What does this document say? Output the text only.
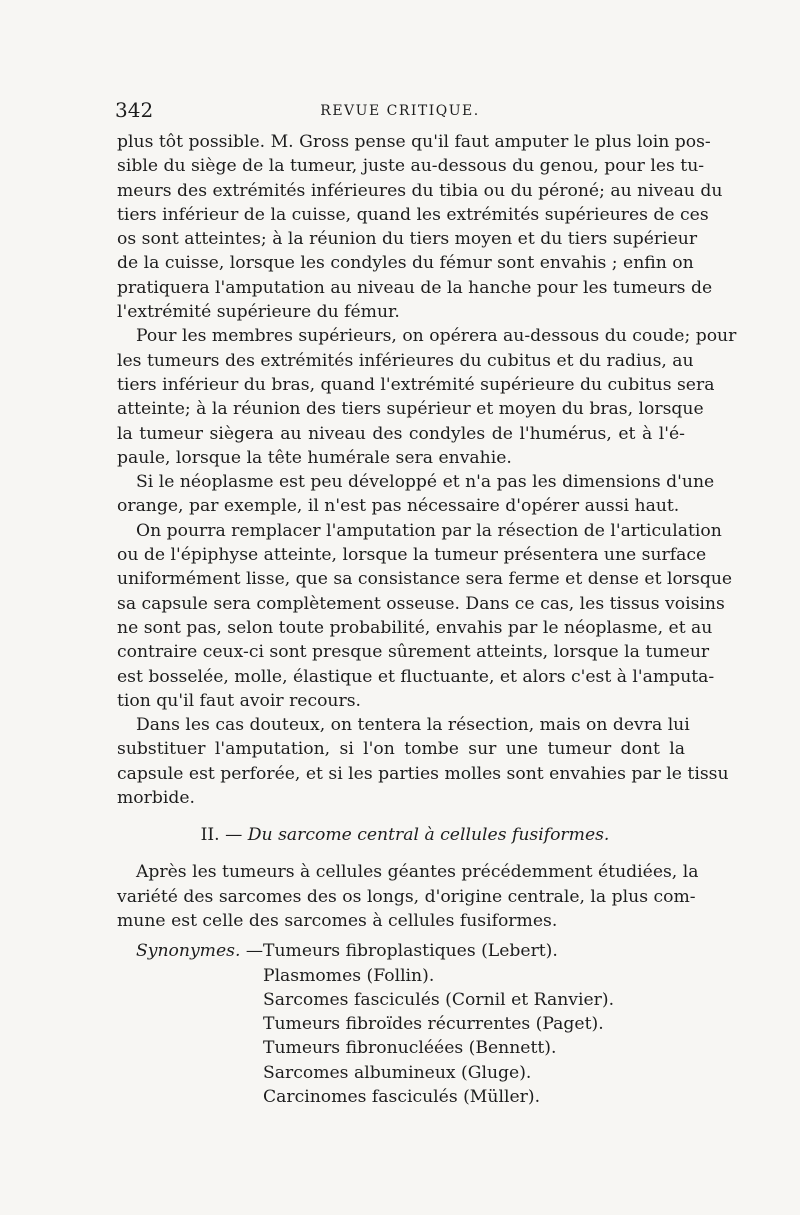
342	REVUE CRITIQUE.
plus tôt possible. M. Gross pense qu'il faut amputer le plus loin pos-
sible du siège de la tumeur, juste au-dessous du genou, pour les tu-
meurs des extrémités inférieures du tibia ou du péroné; au niveau du
tiers inférieur de la cuisse, quand les extrémités supérieures de ces
os sont atteintes; à la réunion du tiers moyen et du tiers supérieur
de la cuisse, lorsque les condyles du fémur sont envahis ; enfin on
pratiquera l'amputation au niveau de la hanche pour les tumeurs de
l'extrémité supérieure du fémur.
Pour les membres supérieurs, on opérera au-dessous du coude; pour
les tumeurs des extrémités inférieures du cubitus et du radius, au
tiers inférieur du bras, quand l'extrémité supérieure du cubitus sera
atteinte; à la réunion des tiers supérieur et moyen du bras, lorsque
la tumeur siègera au niveau des condyles de l'humérus, et à l'é-
paule, lorsque la tête humérale sera envahie.
Si le néoplasme est peu développé et n'a pas les dimensions d'une
orange, par exemple, il n'est pas nécessaire d'opérer aussi haut.
On pourra remplacer l'amputation par la résection de l'articulation
ou de l'épiphyse atteinte, lorsque la tumeur présentera une surface
uniformément lisse, que sa consistance sera ferme et dense et lorsque
sa capsule sera complètement osseuse. Dans ce cas, les tissus voisins
ne sont pas, selon toute probabilité, envahis par le néoplasme, et au
contraire ceux-ci sont presque sûrement atteints, lorsque la tumeur
est bosselée, molle, élastique et fluctuante, et alors c'est à l'amputa-
tion qu'il faut avoir recours.
Dans les cas douteux, on tentera la résection, mais on devra lui
substituer l'amputation, si l'on tombe sur une tumeur dont la
capsule est perforée, et si les parties molles sont envahies par le tissu
morbide.
II. — Du sarcome central à cellules fusiformes.
Après les tumeurs à cellules géantes précédemment étudiées, la
variété des sarcomes des os longs, d'origine centrale, la plus com-
mune est celle des sarcomes à cellules fusiformes.
Synonymes. — Tumeurs fibroplastiques (Lebert).
Plasmomes (Follin).
Sarcomes fasciculés (Cornil et Ranvier).
Tumeurs fibroïdes récurrentes (Paget).
Tumeurs fibronucléées (Bennett).
Sarcomes albumineux (Gluge).
Carcinomes fasciculés (Müller).
